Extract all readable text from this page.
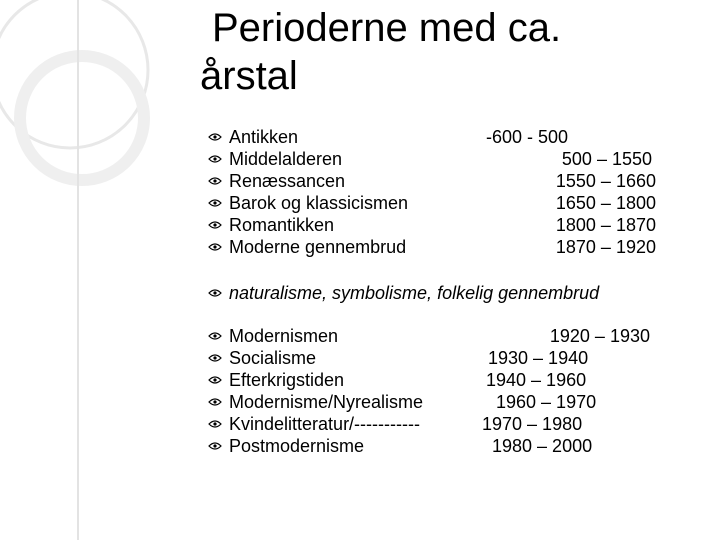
Perioderne med ca.
årstal
Antikken	-600 - 500
Middelalderen	500 – 1550
Renæssancen	1550 – 1660
Barok og klassicismen	1650 – 1800
Romantikken	1800 – 1870
Moderne gennembrud	1870 – 1920
naturalisme, symbolisme, folkelig gennembrud
Modernismen	1920 – 1930
Socialisme	1930 – 1940
Efterkrigstiden	1940 – 1960
Modernisme/Nyrealisme	1960 – 1970
Kvindelitteratur/-----------	1970 – 1980
Postmodernisme	1980 – 2000
